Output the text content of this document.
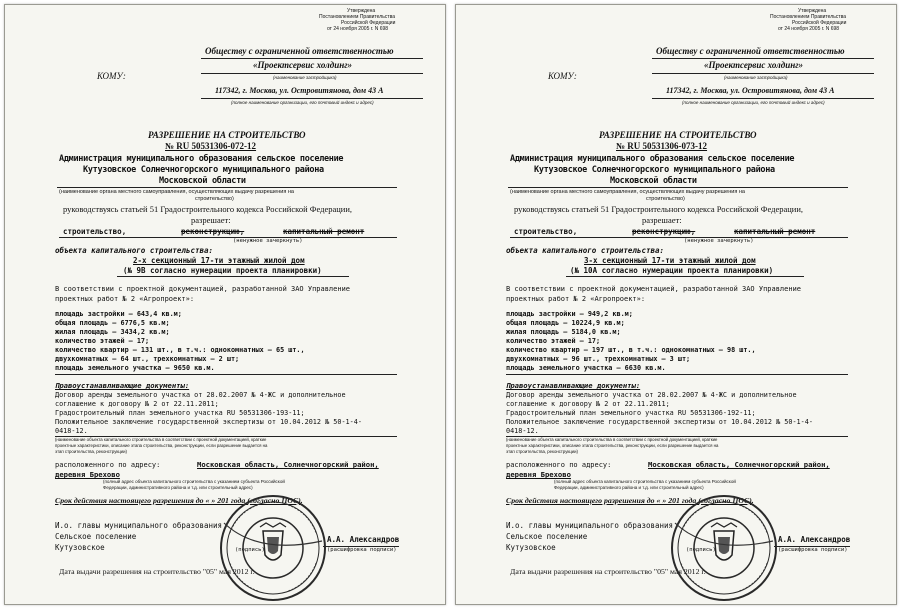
Утверждена
Постановлением Правительства
Российской Федерации
от 24 ноября 2005 г. N 698
Обществу с ограниченной ответственностью
«Проектсервис холдинг»
КОМУ:	(наименование застройщика)
117342, г. Москва, ул. Островитянова, дом 43 А
(полное наименование организации, его почтовый индекс и адрес)
РАЗРЕШЕНИЕ НА СТРОИТЕЛЬСТВО
№ RU 50531306-072-12
Администрация муниципального образования сельское поселение
Кутузовское Солнечногорского муниципального района
Московской области
(наименование органа местного самоуправления, осуществляющих выдачу разрешения на
строительство)
руководствуясь статьей 51 Градостроительного кодекса Российской Федерации,
разрешает:
строительство,	реконструкцию,	капитальный ремонт
(ненужное зачеркнуть)
объекта капитального строительства:
2-х секционный 17-ти этажный жилой дом
(№ 9В согласно нумерации проекта планировки)
В соответствии с проектной документацией, разработанной ЗАО Управление
проектных работ № 2 «Агропроект»:
площадь застройки – 643,4 кв.м;
общая площадь – 6776,5 кв.м;
жилая площадь – 3434,2 кв.м;
количество этажей – 17;
количество квартир – 131 шт., в т.ч.: однокомнатных – 65 шт.,
двухкомнатных – 64 шт., трехкомнатных – 2 шт;
площадь земельного участка – 9650 кв.м.
Правоустанавливающие документы:
Договор аренды земельного участка от 28.02.2007 № 4-ЖС и дополнительное
соглашение к договору № 2 от 22.11.2011;
Градостроительный план земельного участка RU 50531306-193-11;
Положительное заключение государственной экспертизы от 10.04.2012 № 50-1-4-
0418-12.
(наименование объекта капитального строительства в соответствии с проектной документацией, краткие
проектные характеристики, описание этапа строительства, реконструкции, если разрешение выдается на
этап строительства, реконструкции)
расположенного по адресу:	Московская область, Солнечногорский район,
деревня Брехово
(полный адрес объекта капитального строительства с указанием субъекта Российской
Федерации, административного района и т.д. или строительный адрес)
Срок действия настоящего разрешения до « » 201 года (согласно ПОС).
И.о. главы муниципального образования
Сельское поселение
Кутузовское
А.А. Александров
(подпись)	(расшифровка подписи)
Дата выдачи разрешения на строительство "05" мая 2012 г.
Утверждена
Постановлением Правительства
Российской Федерации
от 24 ноября 2005 г. N 698
Обществу с ограниченной ответственностью
«Проектсервис холдинг»
КОМУ:	(наименование застройщика)
117342, г. Москва, ул. Островитянова, дом 43 А
(полное наименование организации, его почтовый индекс и адрес)
РАЗРЕШЕНИЕ НА СТРОИТЕЛЬСТВО
№ RU 50531306-073-12
Администрация муниципального образования сельское поселение
Кутузовское Солнечногорского муниципального района
Московской области
(наименование органа местного самоуправления, осуществляющих выдачу разрешения на
строительство)
руководствуясь статьей 51 Градостроительного кодекса Российской Федерации,
разрешает:
строительство,	реконструкцию,	капитальный ремонт
(ненужное зачеркнуть)
объекта капитального строительства:
3-х секционный 17-ти этажный жилой дом
(№ 10А согласно нумерации проекта планировки)
В соответствии с проектной документацией, разработанной ЗАО Управление
проектных работ № 2 «Агропроект»:
площадь застройки – 949,2 кв.м;
общая площадь – 10224,9 кв.м;
жилая площадь – 5184,0 кв.м;
количество этажей – 17;
количество квартир – 197 шт., в т.ч.: однокомнатных – 98 шт.,
двухкомнатных – 96 шт., трехкомнатных – 3 шт;
площадь земельного участка – 6630 кв.м.
Правоустанавливающие документы:
Договор аренды земельного участка от 28.02.2007 № 4-ЖС и дополнительное
соглашение к договору № 2 от 22.11.2011;
Градостроительный план земельного участка RU 50531306-192-11;
Положительное заключение государственной экспертизы от 10.04.2012 № 50-1-4-
0418-12.
(наименование объекта капитального строительства в соответствии с проектной документацией, краткие
проектные характеристики, описание этапа строительства, реконструкции, если разрешение выдается на
этап строительства, реконструкции)
расположенного по адресу:	Московская область, Солнечногорский район,
деревня Брехово
(полный адрес объекта капитального строительства с указанием субъекта Российской
Федерации, административного района и т.д. или строительный адрес)
Срок действия настоящего разрешения до « » 201 года (согласно ПОС).
И.о. главы муниципального образования
Сельское поселение
Кутузовское
А.А. Александров
(подпись)	(расшифровка подписи)
Дата выдачи разрешения на строительство "05" мая 2012 г.
